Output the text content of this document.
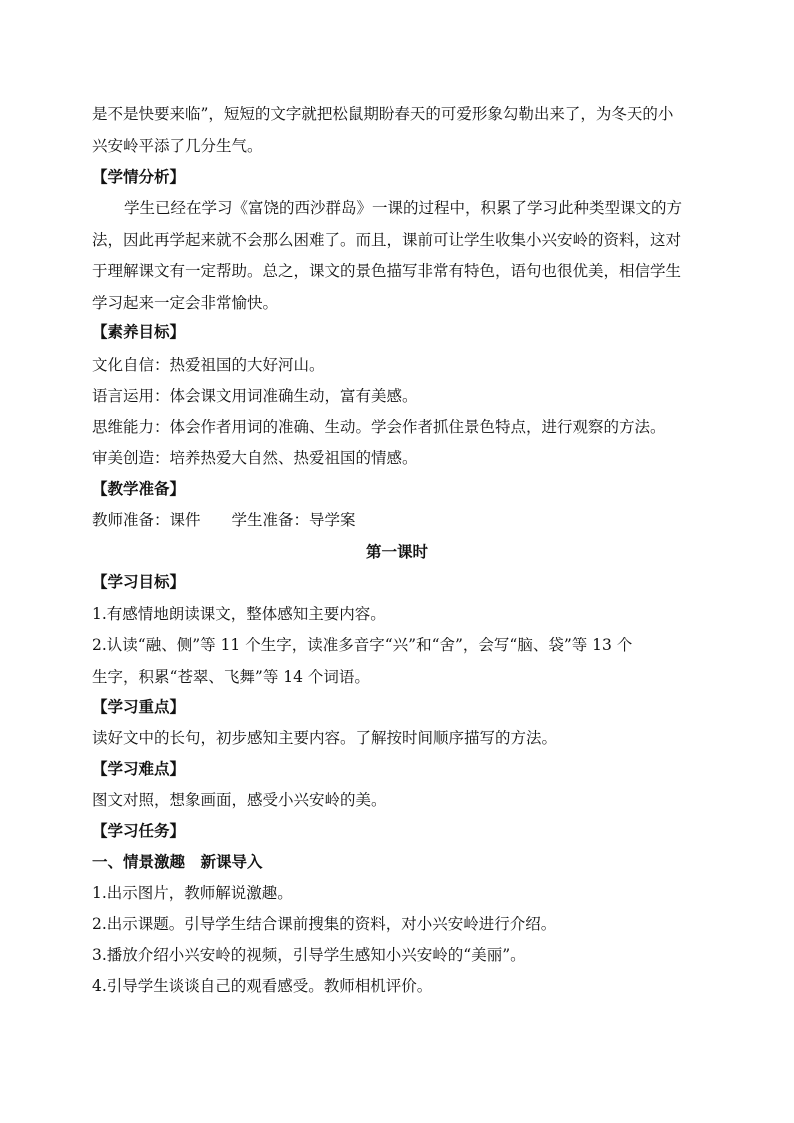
是不是快要来临”，短短的文字就把松鼠期盼春天的可爱形象勾勒出来了，为冬天的小
兴安岭平添了几分生气。
【学情分析】
学生已经在学习《富饶的西沙群岛》一课的过程中，积累了学习此种类型课文的方
法，因此再学起来就不会那么困难了。而且，课前可让学生收集小兴安岭的资料，这对
于理解课文有一定帮助。总之，课文的景色描写非常有特色，语句也很优美，相信学生
学习起来一定会非常愉快。
【素养目标】
文化自信：热爱祖国的大好河山。
语言运用：体会课文用词准确生动，富有美感。
思维能力：体会作者用词的准确、生动。学会作者抓住景色特点，进行观察的方法。
审美创造：培养热爱大自然、热爱祖国的情感。
【教学准备】
教师准备：课件　　学生准备：导学案
第一课时
【学习目标】
1.有感情地朗读课文，整体感知主要内容。
2.认读“融、侧”等 11 个生字，读准多音字“兴”和“舍”，会写“脑、袋”等 13 个
生字，积累“苍翠、飞舞”等 14 个词语。
【学习重点】
读好文中的长句，初步感知主要内容。了解按时间顺序描写的方法。
【学习难点】
图文对照，想象画面，感受小兴安岭的美。
【学习任务】
一、情景激趣　新课导入
1.出示图片，教师解说激趣。
2.出示课题。引导学生结合课前搜集的资料，对小兴安岭进行介绍。
3.播放介绍小兴安岭的视频，引导学生感知小兴安岭的“美丽”。
4.引导学生谈谈自己的观看感受。教师相机评价。
